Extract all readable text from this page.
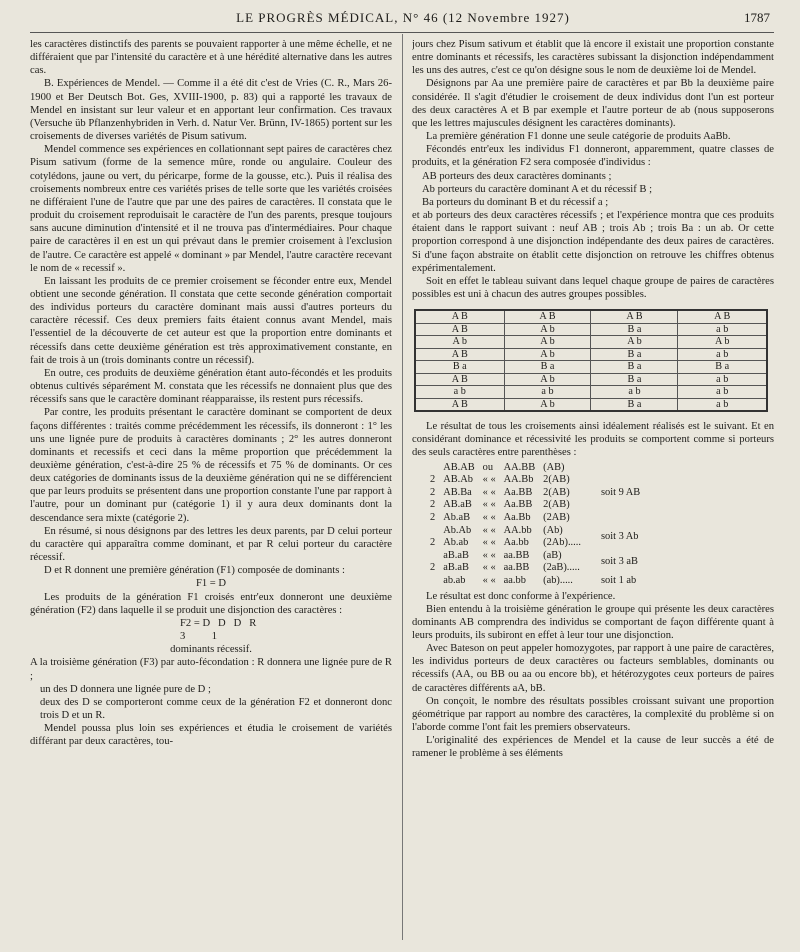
LE PROGRÈS MÉDICAL, N° 46 (12 Novembre 1927)	1787

les caractères distinctifs des parents se pouvaient rapporter à une même échelle, et ne différaient que par l'intensité du caractère et à une hérédité alternative dans les autres cas.

B. Expériences de Mendel. — Comme il a été dit c'est de Vries (C. R., Mars 26-1900 et Ber Deutsch Bot. Ges, XVIII-1900, p. 83) qui a rapporté les travaux de Mendel en insistant sur leur valeur et en apportant leur confirmation. Ces travaux (Versuche üb Pflanzenhybriden in Verh. d. Natur Ver. Brünn, IV-1865) portent sur les croisements de diverses variétés de Pisum sativum.

Mendel commence ses expériences en collationnant sept paires de caractères chez Pisum sativum (forme de la semence mûre, ronde ou angulaire. Couleur des cotylédons, jaune ou vert, du péricarpe, forme de la gousse, etc.). Puis il réalisa des croisements nombreux entre ces variétés prises de telle sorte que les variétés croisées ne différaient l'une de l'autre que par une des paires de caractères. Il constata que le produit du croisement reproduisait le caractère de l'un des parents, presque toujours sans aucune diminution d'intensité et il ne trouva pas d'intermédiaires. Pour chaque paire de caractères il en est un qui prévaut dans le premier croisement à l'exclusion de l'autre. Ce caractère est appelé « dominant » par Mendel, l'autre caractère recevant le nom de « recessif ».

En laissant les produits de ce premier croisement se féconder entre eux, Mendel obtient une seconde génération. Il constata que cette seconde génération comportait des individus porteurs du caractère dominant mais aussi d'autres porteurs du caractère récessif. Ces deux premiers faits étaient connus avant Mendel, mais l'essentiel de la découverte de cet auteur est que la proportion entre dominants et récessifs dans cette deuxième génération est très approximativement constante, en fait de trois à un (trois dominants contre un récessif).

En outre, ces produits de deuxième génération étant auto-fécondés et les produits obtenus cultivés séparément M. constata que les récessifs ne donnaient plus que des récessifs sans que le caractère dominant réapparaisse, ils restent purs récessifs.

Par contre, les produits présentant le caractère dominant se comportent de deux façons différentes : traités comme précédemment les récessifs, ils donneront : 1° les uns une lignée pure de produits à caractères dominants ; 2° les autres donneront dominants et recessifs et ceci dans la même proportion que précédemment la deuxième génération, c'est-à-dire 25 % de récessifs et 75 % de dominants. Or ces deux catégories de dominants issus de la deuxième génération qui ne se différencient que par leurs produits se présentent dans une proportion constante l'une par rapport à l'autre, pour un dominant pur (catégorie 1) il y aura deux dominants dont la descendance sera mixte (catégorie 2).

En résumé, si nous désignons par des lettres les deux parents, par D celui porteur du caractère qui apparaîtra comme dominant, et par R celui porteur du caractère récessif.

D et R donnent une première génération (F1) composée de dominants :

F1 = D

Les produits de la génération F1 croisés entr'eux donneront une deuxième génération (F2) dans laquelle il se produit une disjonction des caractères :

F2 = D   D   D   R

3          1

dominants récessif.

A la troisième génération (F3) par auto-fécondation : R donnera une lignée pure de R ;

un des D donnera une lignée pure de D ;

deux des D se comporteront comme ceux de la génération F2 et donneront donc trois D et un R.

Mendel poussa plus loin ses expériences et étudia le croisement de variétés différant par deux caractères, tou-

jours chez Pisum sativum et établit que là encore il existait une proportion constante entre dominants et récessifs, les caractères subissant la disjonction indépendamment les uns des autres, c'est ce qu'on désigne sous le nom de deuxième loi de Mendel.

Désignons par Aa une première paire de caractères et par Bb la deuxième paire considérée. Il s'agit d'étudier le croisement de deux individus dont l'un est porteur des deux caractères A et B par exemple et l'autre porteur de ab (nous supposerons que les lettres majuscules désignent les caractères dominants).

La première génération F1 donne une seule catégorie de produits AaBb.

Fécondés entr'eux les individus F1 donneront, apparemment, quatre classes de produits, et la génération F2 sera composée d'individus :

AB porteurs des deux caractères dominants ;

Ab porteurs du caractère dominant A et du récessif B ;

Ba porteurs du dominant B et du récessif a ;

et ab porteurs des deux caractères récessifs ; et l'expérience montra que ces produits étaient dans le rapport suivant : neuf AB ; trois Ab ; trois Ba : un ab. Or cette proportion correspond à une disjonction indépendante des deux paires de caractères. Si d'une façon abstraite on établit cette disjonction on retrouve les chiffres obtenus expérimentalement.

Soit en effet le tableau suivant dans lequel chaque groupe de paires de caractères possibles est uni à chacun des autres groupes possibles.

A B	A B	A B	A B
A B	A b	B a	a b
A b	A b	A b	A b
A B	A b	B a	a b
B a	B a	B a	B a
A B	A b	B a	a b
a b	a b	a b	a b
A B	A b	B a	a b

Le résultat de tous les croisements ainsi idéalement réalisés est le suivant. Et en considérant dominance et récessivité les produits se comportent comme si porteurs des seuls caractères entre parenthèses :

	AB.AB	ou	AA.BB	(AB)	soit 9 AB
2	AB.Ab	« «	AA.Bb	2(AB)	
2	AB.Ba	« «	Aa.BB	2(AB)	
2	AB.aB	« «	Aa.BB	2(AB)	
2	Ab.aB	« «	Aa.Bb	(2AB)	
	Ab.Ab	« «	AA.bb	(Ab)	soit 3 Ab
2	Ab.ab	« «	Aa.bb	(2Ab).....	
	aB.aB	« «	aa.BB	(aB)	soit 3 aB
2	aB.aB	« «	aa.BB	(2aB).....	
	ab.ab	« «	aa.bb	(ab).....	soit 1 ab

Le résultat est donc conforme à l'expérience.

Bien entendu à la troisième génération le groupe qui présente les deux caractères dominants AB comprendra des individus se comportant de façon différente quant à leurs produits, ils subiront en effet à leur tour une disjonction.

Avec Bateson on peut appeler homozygotes, par rapport à une paire de caractères, les individus porteurs de deux caractères ou facteurs semblables, dominants ou récessifs (AA, ou BB ou aa ou encore bb), et hétérozygotes ceux porteurs de paires de caractères différents aA, bB.

On conçoit, le nombre des résultats possibles croissant suivant une proportion géométrique par rapport au nombre des caractères, la complexité du problème si on l'aborde comme l'ont fait les premiers observateurs.

L'originalité des expériences de Mendel et la cause de leur succès a été de ramener le problème à ses éléments
